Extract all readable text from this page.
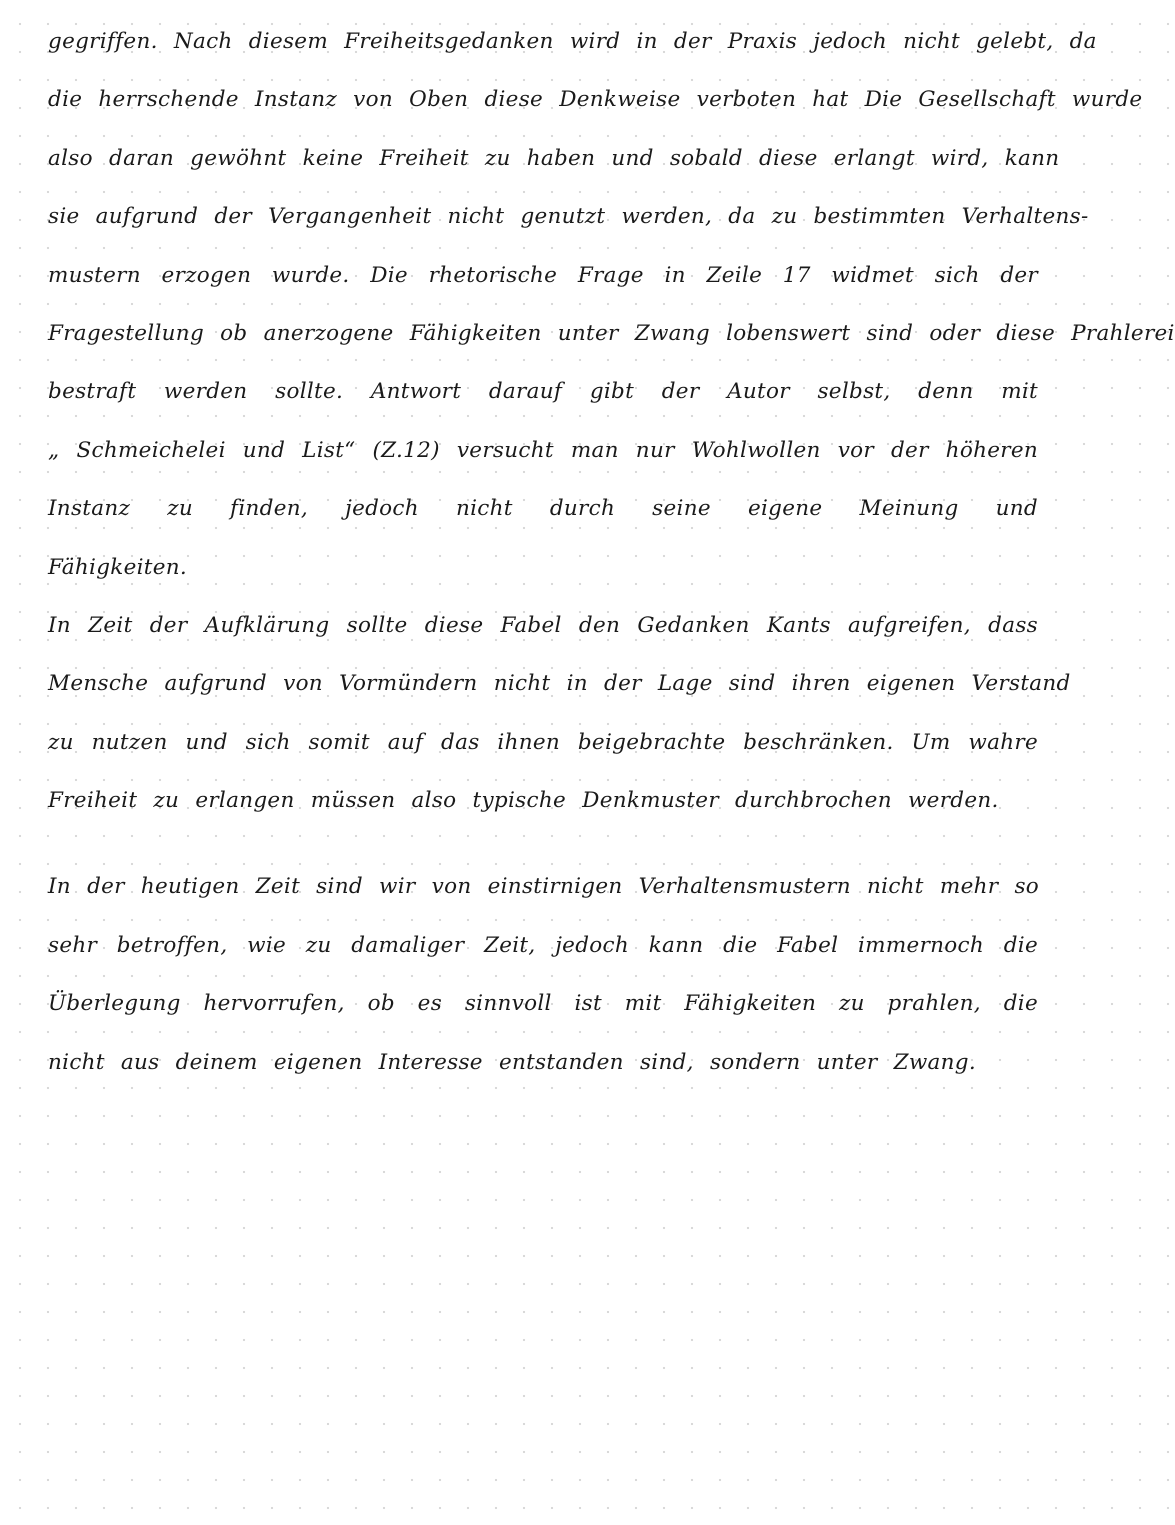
gegriffen. Nach diesem Freiheitsgedanken wird in der Praxis jedoch nicht gelebt, da
die herrschende Instanz von Oben diese Denkweise verboten hat Die Gesellschaft wurde
also daran gewöhnt keine Freiheit zu haben und sobald diese erlangt wird, kann
sie aufgrund der Vergangenheit nicht genutzt werden, da zu bestimmten Verhaltens-
mustern erzogen wurde. Die rhetorische Frage in Zeile 17 widmet sich der
Fragestellung ob anerzogene Fähigkeiten unter Zwang lobenswert sind oder diese Prahlerei
bestraft werden sollte. Antwort darauf gibt der Autor selbst, denn mit
„ Schmeichelei und List“ (Z.12) versucht man nur Wohlwollen vor der höheren
Instanz zu finden, jedoch nicht durch seine eigene Meinung und
Fähigkeiten.
In Zeit der Aufklärung sollte diese Fabel den Gedanken Kants aufgreifen, dass
Mensche aufgrund von Vormündern nicht in der Lage sind ihren eigenen Verstand
zu nutzen und sich somit auf das ihnen beigebrachte beschränken. Um wahre
Freiheit zu erlangen müssen also typische Denkmuster durchbrochen werden.
In der heutigen Zeit sind wir von einstirnigen Verhaltensmustern nicht mehr so
sehr betroffen, wie zu damaliger Zeit, jedoch kann die Fabel immernoch die
Überlegung hervorrufen, ob es sinnvoll ist mit Fähigkeiten zu prahlen, die
nicht aus deinem eigenen Interesse entstanden sind, sondern unter Zwang.
